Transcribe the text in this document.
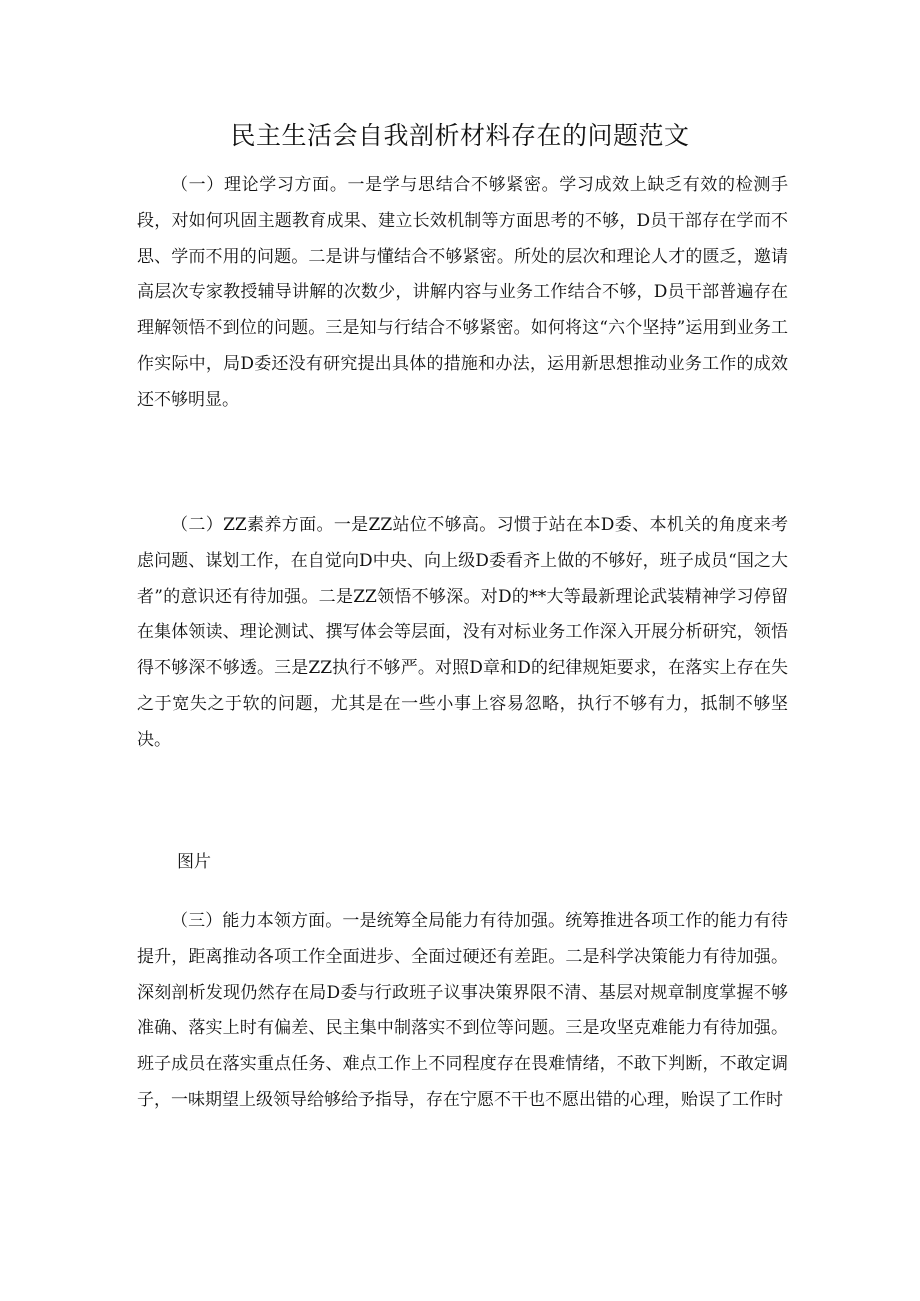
民主生活会自我剖析材料存在的问题范文

（一）理论学习方面。一是学与思结合不够紧密。学习成效上缺乏有效的检测手段，对如何巩固主题教育成果、建立长效机制等方面思考的不够，D员干部存在学而不思、学而不用的问题。二是讲与懂结合不够紧密。所处的层次和理论人才的匮乏，邀请高层次专家教授辅导讲解的次数少，讲解内容与业务工作结合不够，D员干部普遍存在理解领悟不到位的问题。三是知与行结合不够紧密。如何将这“六个坚持”运用到业务工作实际中，局D委还没有研究提出具体的措施和办法，运用新思想推动业务工作的成效还不够明显。

（二）ZZ素养方面。一是ZZ站位不够高。习惯于站在本D委、本机关的角度来考虑问题、谋划工作，在自觉向D中央、向上级D委看齐上做的不够好，班子成员“国之大者”的意识还有待加强。二是ZZ领悟不够深。对D的**大等最新理论武装精神学习停留在集体领读、理论测试、撰写体会等层面，没有对标业务工作深入开展分析研究，领悟得不够深不够透。三是ZZ执行不够严。对照D章和D的纪律规矩要求，在落实上存在失之于宽失之于软的问题，尤其是在一些小事上容易忽略，执行不够有力，抵制不够坚决。

图片

（三）能力本领方面。一是统筹全局能力有待加强。统筹推进各项工作的能力有待提升，距离推动各项工作全面进步、全面过硬还有差距。二是科学决策能力有待加强。深刻剖析发现仍然存在局D委与行政班子议事决策界限不清、基层对规章制度掌握不够准确、落实上时有偏差、民主集中制落实不到位等问题。三是攻坚克难能力有待加强。班子成员在落实重点任务、难点工作上不同程度存在畏难情绪，不敢下判断，不敢定调子，一味期望上级领导给够给予指导，存在宁愿不干也不愿出错的心理，贻误了工作时
